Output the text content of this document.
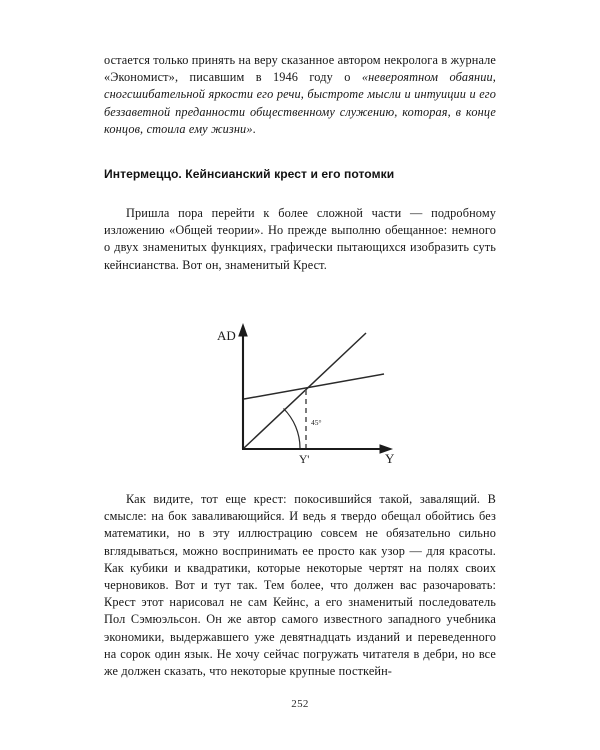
остается только принять на веру сказанное автором некролога в журнале «Экономист», писавшим в 1946 году о «невероятном обаянии, сногсшибательной яркости его речи, быстроте мысли и интуиции и его беззаветной преданности общественному служению, которая, в конце концов, стоила ему жизни».

Интермеццо. Кейнсианский крест и его потомки

Пришла пора перейти к более сложной части — подробному изложению «Общей теории». Но прежде выполню обещанное: немного о двух знаменитых функциях, графически пытающихся изобразить суть кейнсианства. Вот он, знаменитый Крест.

AD
Y
45°
Y'

Как видите, тот еще крест: покосившийся такой, завалящий. В смысле: на бок заваливающийся. И ведь я твердо обещал обойтись без математики, но в эту иллюстрацию совсем не обязательно сильно вглядываться, можно воспринимать ее просто как узор — для красоты. Как кубики и квадратики, которые некоторые чертят на полях своих черновиков. Вот и тут так. Тем более, что должен вас разочаровать: Крест этот нарисовал не сам Кейнс, а его знаменитый последователь Пол Сэмюэльсон. Он же автор самого известного западного учебника экономики, выдержавшего уже девятнадцать изданий и переведенного на сорок один язык. Не хочу сейчас погружать читателя в дебри, но все же должен сказать, что некоторые крупные посткейн-

252
